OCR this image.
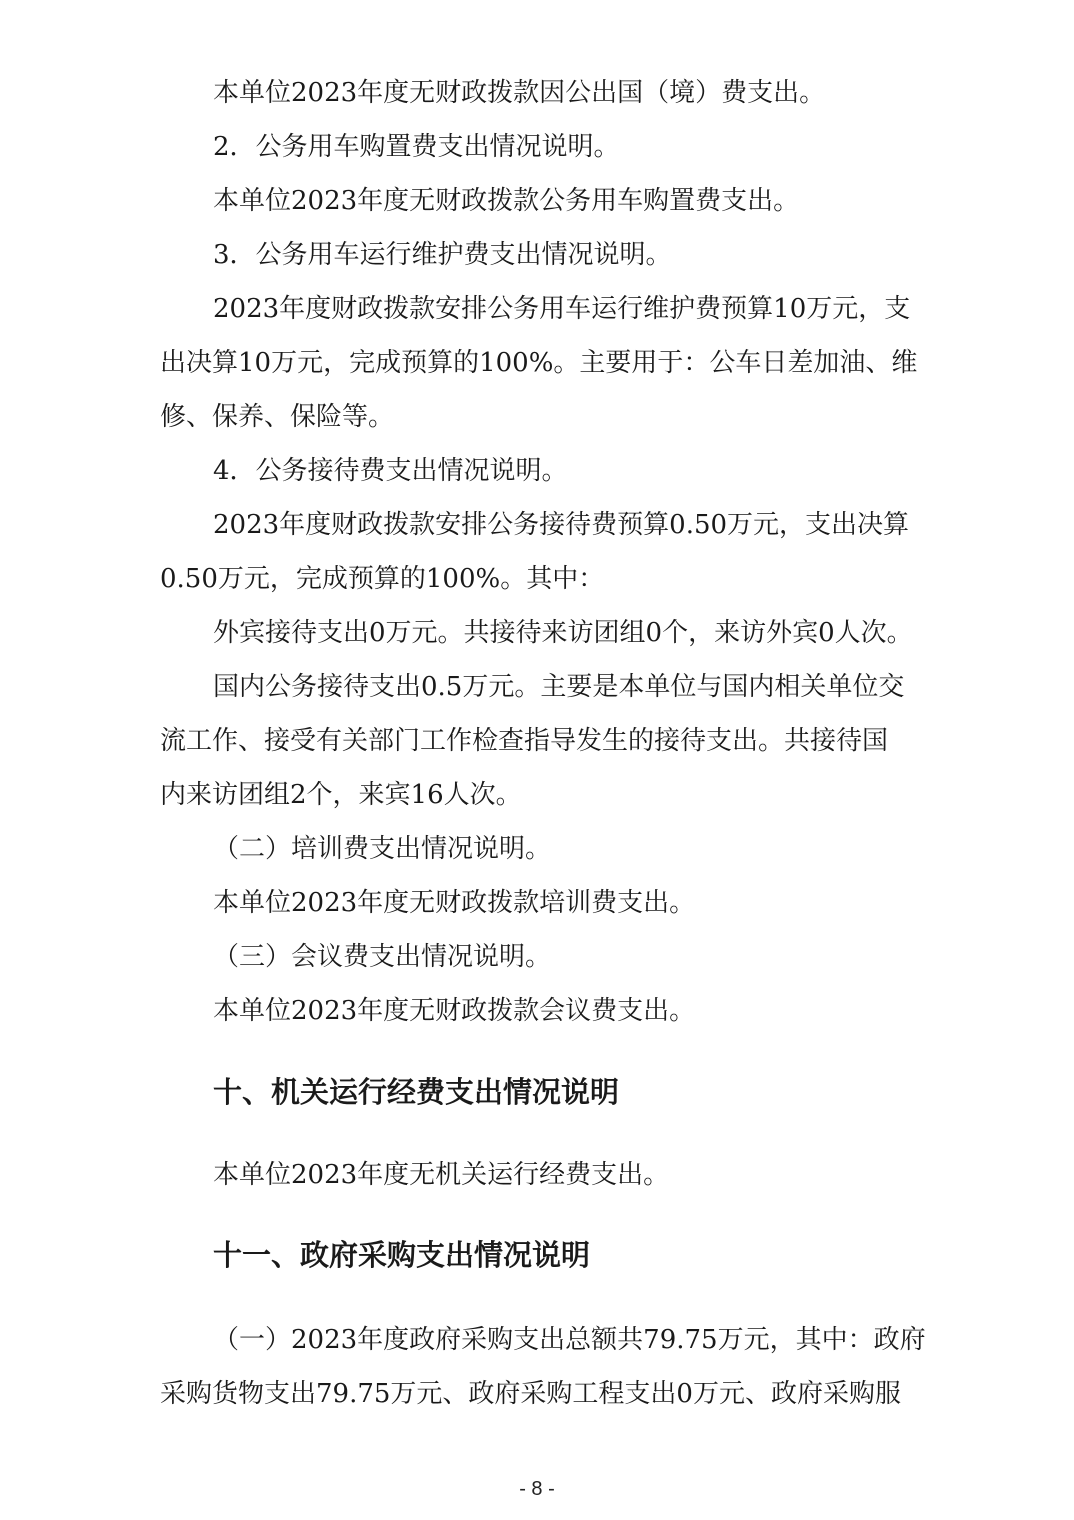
本单位2023年度无财政拨款因公出国（境）费支出。
2．公务用车购置费支出情况说明。
本单位2023年度无财政拨款公务用车购置费支出。
3．公务用车运行维护费支出情况说明。
2023年度财政拨款安排公务用车运行维护费预算10万元，支
出决算10万元，完成预算的100%。主要用于：公车日差加油、维
修、保养、保险等。
4．公务接待费支出情况说明。
2023年度财政拨款安排公务接待费预算0.50万元，支出决算
0.50万元，完成预算的100%。其中：
外宾接待支出0万元。共接待来访团组0个，来访外宾0人次。
国内公务接待支出0.5万元。主要是本单位与国内相关单位交
流工作、接受有关部门工作检查指导发生的接待支出。共接待国
内来访团组2个，来宾16人次。
（二）培训费支出情况说明。
本单位2023年度无财政拨款培训费支出。
（三）会议费支出情况说明。
本单位2023年度无财政拨款会议费支出。
十、机关运行经费支出情况说明
本单位2023年度无机关运行经费支出。
十一、政府采购支出情况说明
（一）2023年度政府采购支出总额共79.75万元，其中：政府
采购货物支出79.75万元、政府采购工程支出0万元、政府采购服
- 8 -
